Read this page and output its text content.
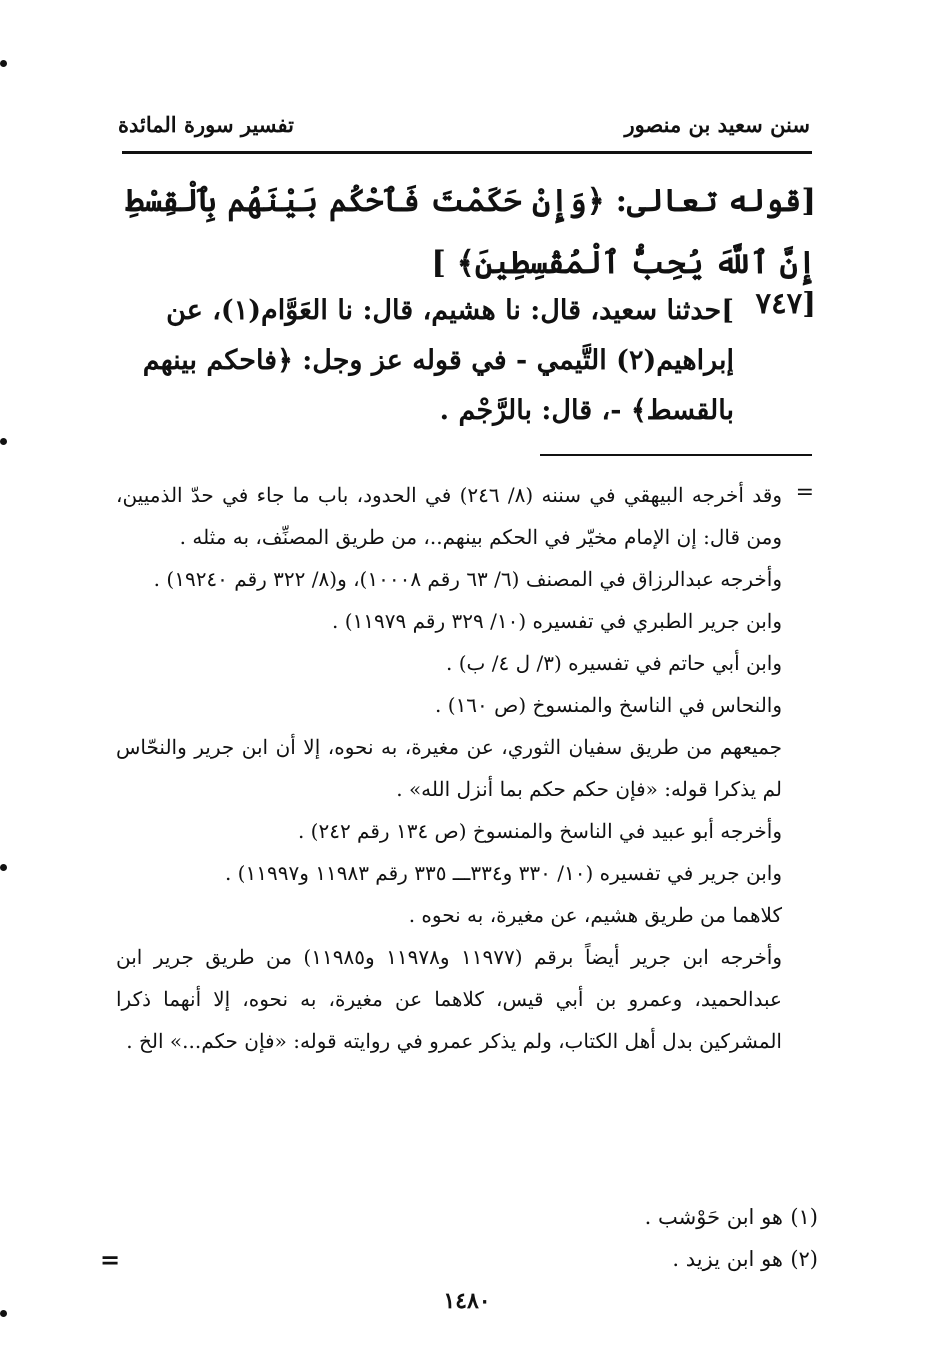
سنن سعيد بن منصور
تفسير سورة المائدة
[قوله تعالى: ﴿وَإِنْ حَكَمْتَ فَٱحْكُم بَيْنَهُم بِٱلْقِسْطِ إِنَّ ٱللَّهَ يُحِبُّ ٱلْمُقْسِطِينَ﴾ ]
[٧٤٧
]حدثنا سعيد، قال: نا هشيم، قال: نا العَوَّام(١)، عن إبراهيم(٢) التَّيمي - في قوله عز وجل: ﴿فاحكم بينهم بالقسط﴾ -، قال: بالرَّجْم .
=

وقد أخرجه البيهقي في سننه (٨/ ٢٤٦) في الحدود، باب ما جاء في حدّ الذميين، ومن قال: إن الإمام مخيّر في الحكم بينهم..، من طريق المصنِّف، به مثله .

وأخرجه عبدالرزاق في المصنف (٦/ ٦٣ رقم ١٠٠٠٨)، و(٨/ ٣٢٢ رقم ١٩٢٤٠) .

وابن جرير الطبري في تفسيره (١٠/ ٣٢٩ رقم ١١٩٧٩) .

وابن أبي حاتم في تفسيره (٣/ ل ٤/ ب) .

والنحاس في الناسخ والمنسوخ (ص ١٦٠) .

جميعهم من طريق سفيان الثوري، عن مغيرة، به نحوه، إلا أن ابن جرير والنحّاس لم يذكرا قوله: «فإن حكم حكم بما أنزل الله» .

وأخرجه أبو عبيد في الناسخ والمنسوخ (ص ١٣٤ رقم ٢٤٢) .

وابن جرير في تفسيره (١٠/ ٣٣٠ و٣٣٤ـــ ٣٣٥ رقم ١١٩٨٣ و١١٩٩٧) .

كلاهما من طريق هشيم، عن مغيرة، به نحوه .

وأخرجه ابن جرير أيضاً برقم (١١٩٧٧ و١١٩٧٨ و١١٩٨٥) من طريق جرير ابن عبدالحميد، وعمرو بن أبي قيس، كلاهما عن مغيرة، به نحوه، إلا أنهما ذكرا المشركين بدل أهل الكتاب، ولم يذكر عمرو في روايته قوله: «فإن حكم...» الخ .

(١) هو ابن حَوْشب .

(٢) هو ابن يزيد .

=
١٤٨٠
